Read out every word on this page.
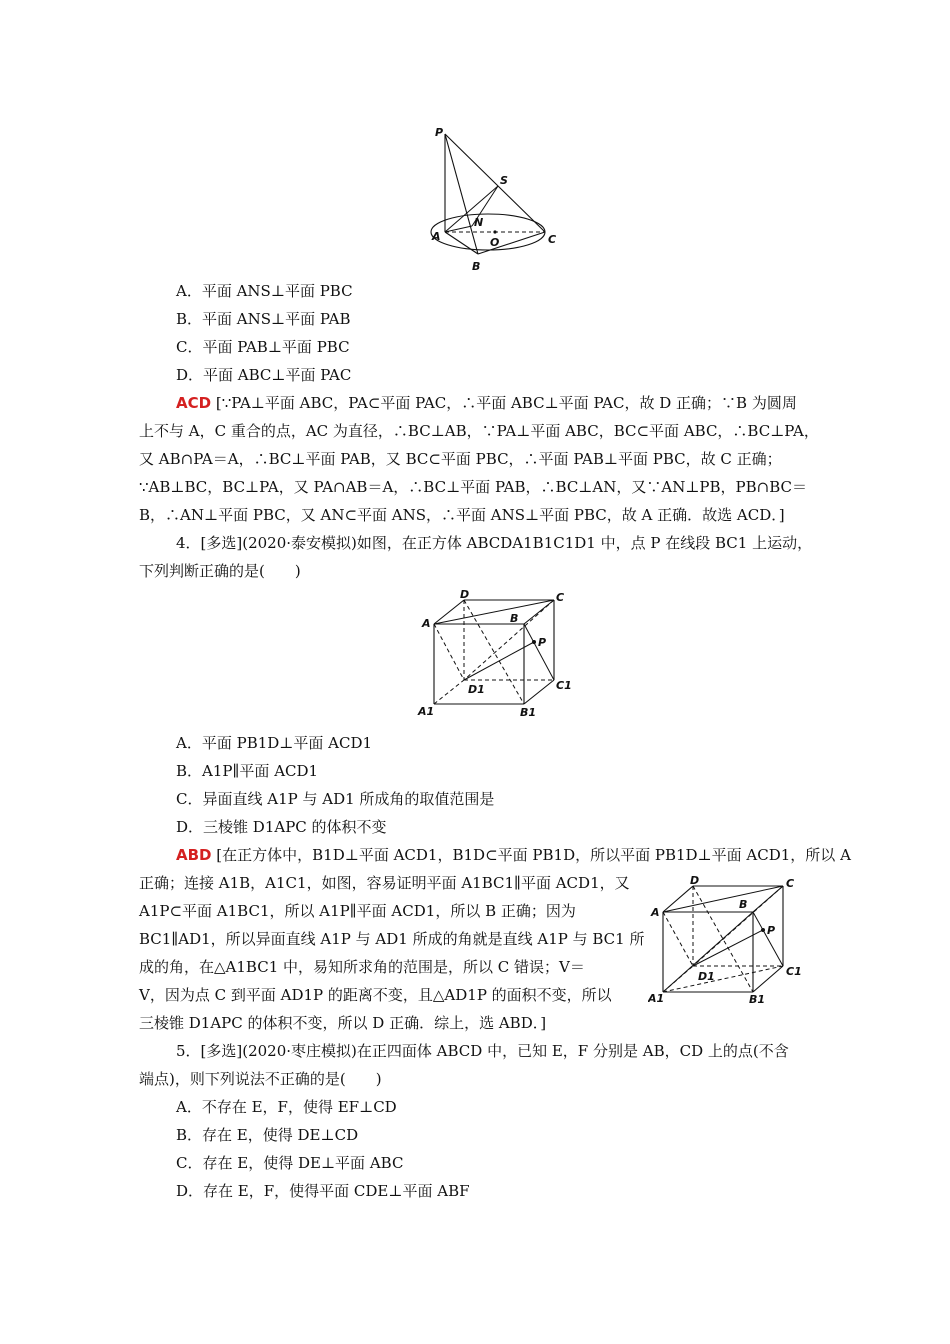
P
S
N
O
A
B
C
A．平面 ANS⊥平面 PBC
B．平面 ANS⊥平面 PAB
C．平面 PAB⊥平面 PBC
D．平面 ABC⊥平面 PAC
ACD [∵PA⊥平面 ABC，PA⊂平面 PAC，∴平面 ABC⊥平面 PAC，故 D 正确；∵B 为圆周
上不与 A，C 重合的点，AC 为直径，∴BC⊥AB，∵PA⊥平面 ABC，BC⊂平面 ABC，∴BC⊥PA，
又 AB∩PA＝A，∴BC⊥平面 PAB，又 BC⊂平面 PBC，∴平面 PAB⊥平面 PBC，故 C 正确；
∵AB⊥BC，BC⊥PA，又 PA∩AB＝A，∴BC⊥平面 PAB，∴BC⊥AN，又∵AN⊥PB，PB∩BC＝
B，∴AN⊥平面 PBC，又 AN⊂平面 ANS，∴平面 ANS⊥平面 PBC，故 A 正确．故选 ACD．]
4．[多选](2020·泰安模拟)如图，在正方体 ABCDA1B1C1D1 中，点 P 在线段 BC1 上运动，
下列判断正确的是(　　)
D	C
A	B
P
D1	C1
A1	B1
A．平面 PB1D⊥平面 ACD1
B．A1P∥平面 ACD1
C．异面直线 A1P 与 AD1 所成角的取值范围是
D．三棱锥 D1APC 的体积不变
ABD [在正方体中，B1D⊥平面 ACD1，B1D⊂平面 PB1D，所以平面 PB1D⊥平面 ACD1，所以 A
正确；连接 A1B，A1C1，如图，容易证明平面 A1BC1∥平面 ACD1，又
A1P⊂平面 A1BC1，所以 A1P∥平面 ACD1，所以 B 正确；因为
BC1∥AD1，所以异面直线 A1P 与 AD1 所成的角就是直线 A1P 与 BC1 所
成的角，在△A1BC1 中，易知所求角的范围是，所以 C 错误；V＝
V，因为点 C 到平面 AD1P 的距离不变，且△AD1P 的面积不变，所以
三棱锥 D1APC 的体积不变，所以 D 正确．综上，选 ABD．]
D	C
A
B
P
D1	C1
A1	B1
5．[多选](2020·枣庄模拟)在正四面体 ABCD 中，已知 E，F 分别是 AB，CD 上的点(不含
端点)，则下列说法不正确的是(　　)
A．不存在 E，F，使得 EF⊥CD
B．存在 E，使得 DE⊥CD
C．存在 E，使得 DE⊥平面 ABC
D．存在 E，F，使得平面 CDE⊥平面 ABF
